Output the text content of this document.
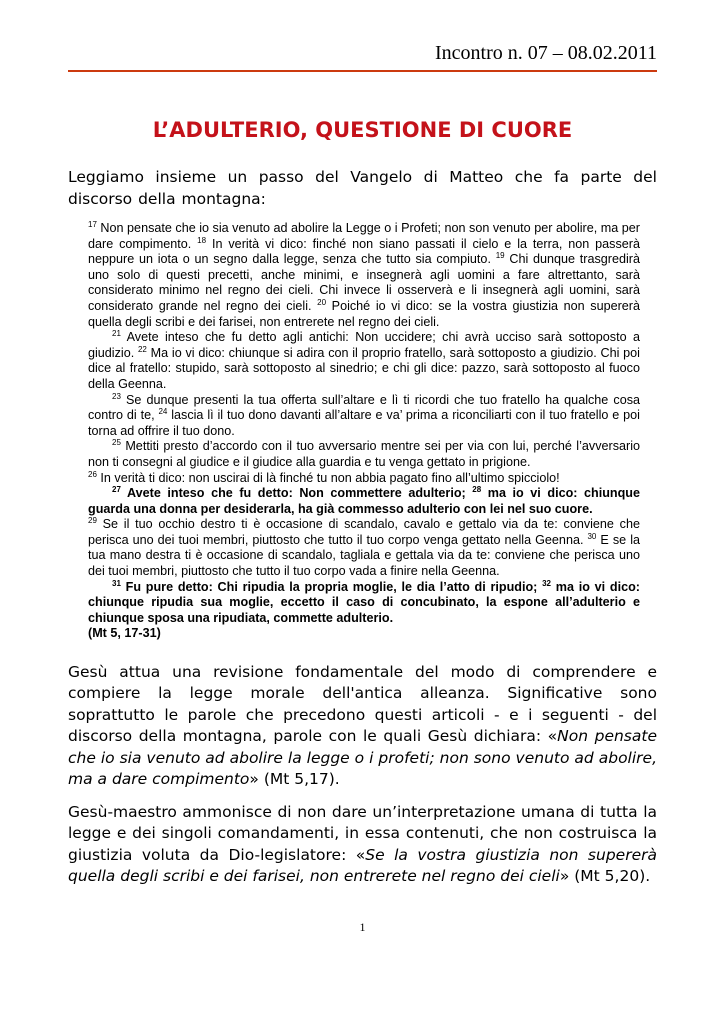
Incontro n. 07 – 08.02.2011
L’ADULTERIO, QUESTIONE DI CUORE
Leggiamo insieme un passo del Vangelo di Matteo che fa parte del discorso della montagna:

$^{17}$ Non pensate che io sia venuto ad abolire la Legge o i Profeti; non son venuto per abolire, ma per dare compimento. $^{18}$ In verità vi dico: finché non siano passati il cielo e la terra, non passerà neppure un iota o un segno dalla legge, senza che tutto sia compiuto. $^{19}$ Chi dunque trasgredirà uno solo di questi precetti, anche minimi, e insegnerà agli uomini a fare altrettanto, sarà considerato minimo nel regno dei cieli. Chi invece li osserverà e li insegnerà agli uomini, sarà considerato grande nel regno dei cieli. $^{20}$ Poiché io vi dico: se la vostra giustizia non supererà quella degli scribi e dei farisei, non entrerete nel regno dei cieli.

$^{21}$ Avete inteso che fu detto agli antichi: Non uccidere; chi avrà ucciso sarà sottoposto a giudizio. $^{22}$ Ma io vi dico: chiunque si adira con il proprio fratello, sarà sottoposto a giudizio. Chi poi dice al fratello: stupido, sarà sottoposto al sinedrio; e chi gli dice: pazzo, sarà sottoposto al fuoco della Geenna.

$^{23}$ Se dunque presenti la tua offerta sull’altare e lì ti ricordi che tuo fratello ha qualche cosa contro di te, $^{24}$ lascia lì il tuo dono davanti all’altare e va’ prima a riconciliarti con il tuo fratello e poi torna ad offrire il tuo dono.

$^{25}$ Mettiti presto d’accordo con il tuo avversario mentre sei per via con lui, perché l’avversario non ti consegni al giudice e il giudice alla guardia e tu venga gettato in prigione.

$^{26}$ In verità ti dico: non uscirai di là finché tu non abbia pagato fino all’ultimo spicciolo!

$^{27}$ Avete inteso che fu detto: Non commettere adulterio; $^{28}$ ma io vi dico: chiunque guarda una donna per desiderarla, ha già commesso adulterio con lei nel suo cuore.

$^{29}$ Se il tuo occhio destro ti è occasione di scandalo, cavalo e gettalo via da te: conviene che perisca uno dei tuoi membri, piuttosto che tutto il tuo corpo venga gettato nella Geenna. $^{30}$ E se la tua mano destra ti è occasione di scandalo, tagliala e gettala via da te: conviene che perisca uno dei tuoi membri, piuttosto che tutto il tuo corpo vada a finire nella Geenna.

$^{31}$ Fu pure detto: Chi ripudia la propria moglie, le dia l’atto di ripudio; $^{32}$ ma io vi dico: chiunque ripudia sua moglie, eccetto il caso di concubinato, la espone all’adulterio e chiunque sposa una ripudiata, commette adulterio.

(Mt 5, 17-31)

Gesù attua una revisione fondamentale del modo di comprendere e compiere la legge morale dell'antica alleanza. Significative sono soprattutto le parole che precedono questi articoli - e i seguenti - del discorso della montagna, parole con le quali Gesù dichiara: «Non pensate che io sia venuto ad abolire la legge o i profeti; non sono venuto ad abolire, ma a dare compimento» (Mt 5,17).
Gesù-maestro ammonisce di non dare un’interpretazione umana di tutta la legge e dei singoli comandamenti, in essa contenuti, che non costruisca la giustizia voluta da Dio-legislatore: «Se la vostra giustizia non supererà quella degli scribi e dei farisei, non entrerete nel regno dei cieli» (Mt 5,20).
1
